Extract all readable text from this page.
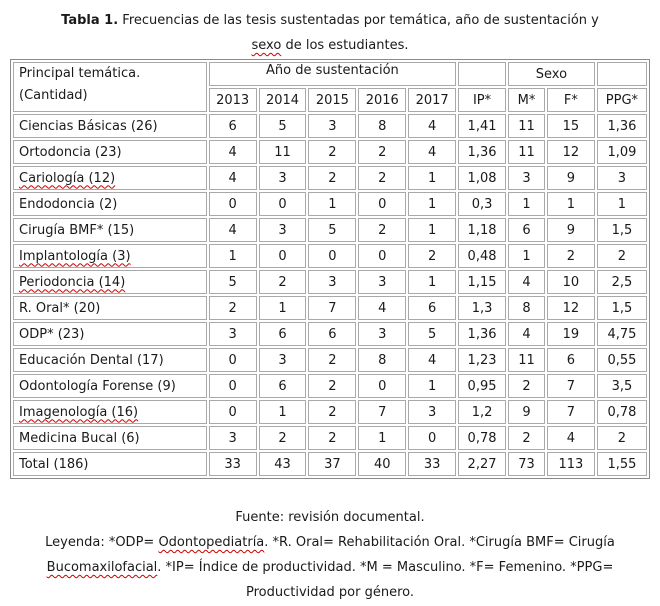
Tabla 1. Frecuencias de las tesis sustentadas por temática, año de sustentación y
sexo de los estudiantes.
Principal temática.
(Cantidad)	Año de sustentación						Sexo		
	2013	2014	2015	2016	2017	IP*	M*	F*	PPG*
Ciencias Básicas (26)	6	5	3	8	4	1,41	11	15	1,36
Ortodoncia (23)	4	11	2	2	4	1,36	11	12	1,09
Cariología (12)	4	3	2	2	1	1,08	3	9	3
Endodoncia (2)	0	0	1	0	1	0,3	1	1	1
Cirugía BMF* (15)	4	3	5	2	1	1,18	6	9	1,5
Implantología (3)	1	0	0	0	2	0,48	1	2	2
Periodoncia (14)	5	2	3	3	1	1,15	4	10	2,5
R. Oral* (20)	2	1	7	4	6	1,3	8	12	1,5
ODP* (23)	3	6	6	3	5	1,36	4	19	4,75
Educación Dental (17)	0	3	2	8	4	1,23	11	6	0,55
Odontología Forense (9)	0	6	2	0	1	0,95	2	7	3,5
Imagenología (16)	0	1	2	7	3	1,2	9	7	0,78
Medicina Bucal (6)	3	2	2	1	0	0,78	2	4	2
Total (186)	33	43	37	40	33	2,27	73	113	1,55
Fuente: revisión documental.
Leyenda: *ODP= Odontopediatría. *R. Oral= Rehabilitación Oral. *Cirugía BMF= Cirugía
Bucomaxilofacial. *IP= Índice de productividad. *M = Masculino. *F= Femenino. *PPG=
Productividad por género.
